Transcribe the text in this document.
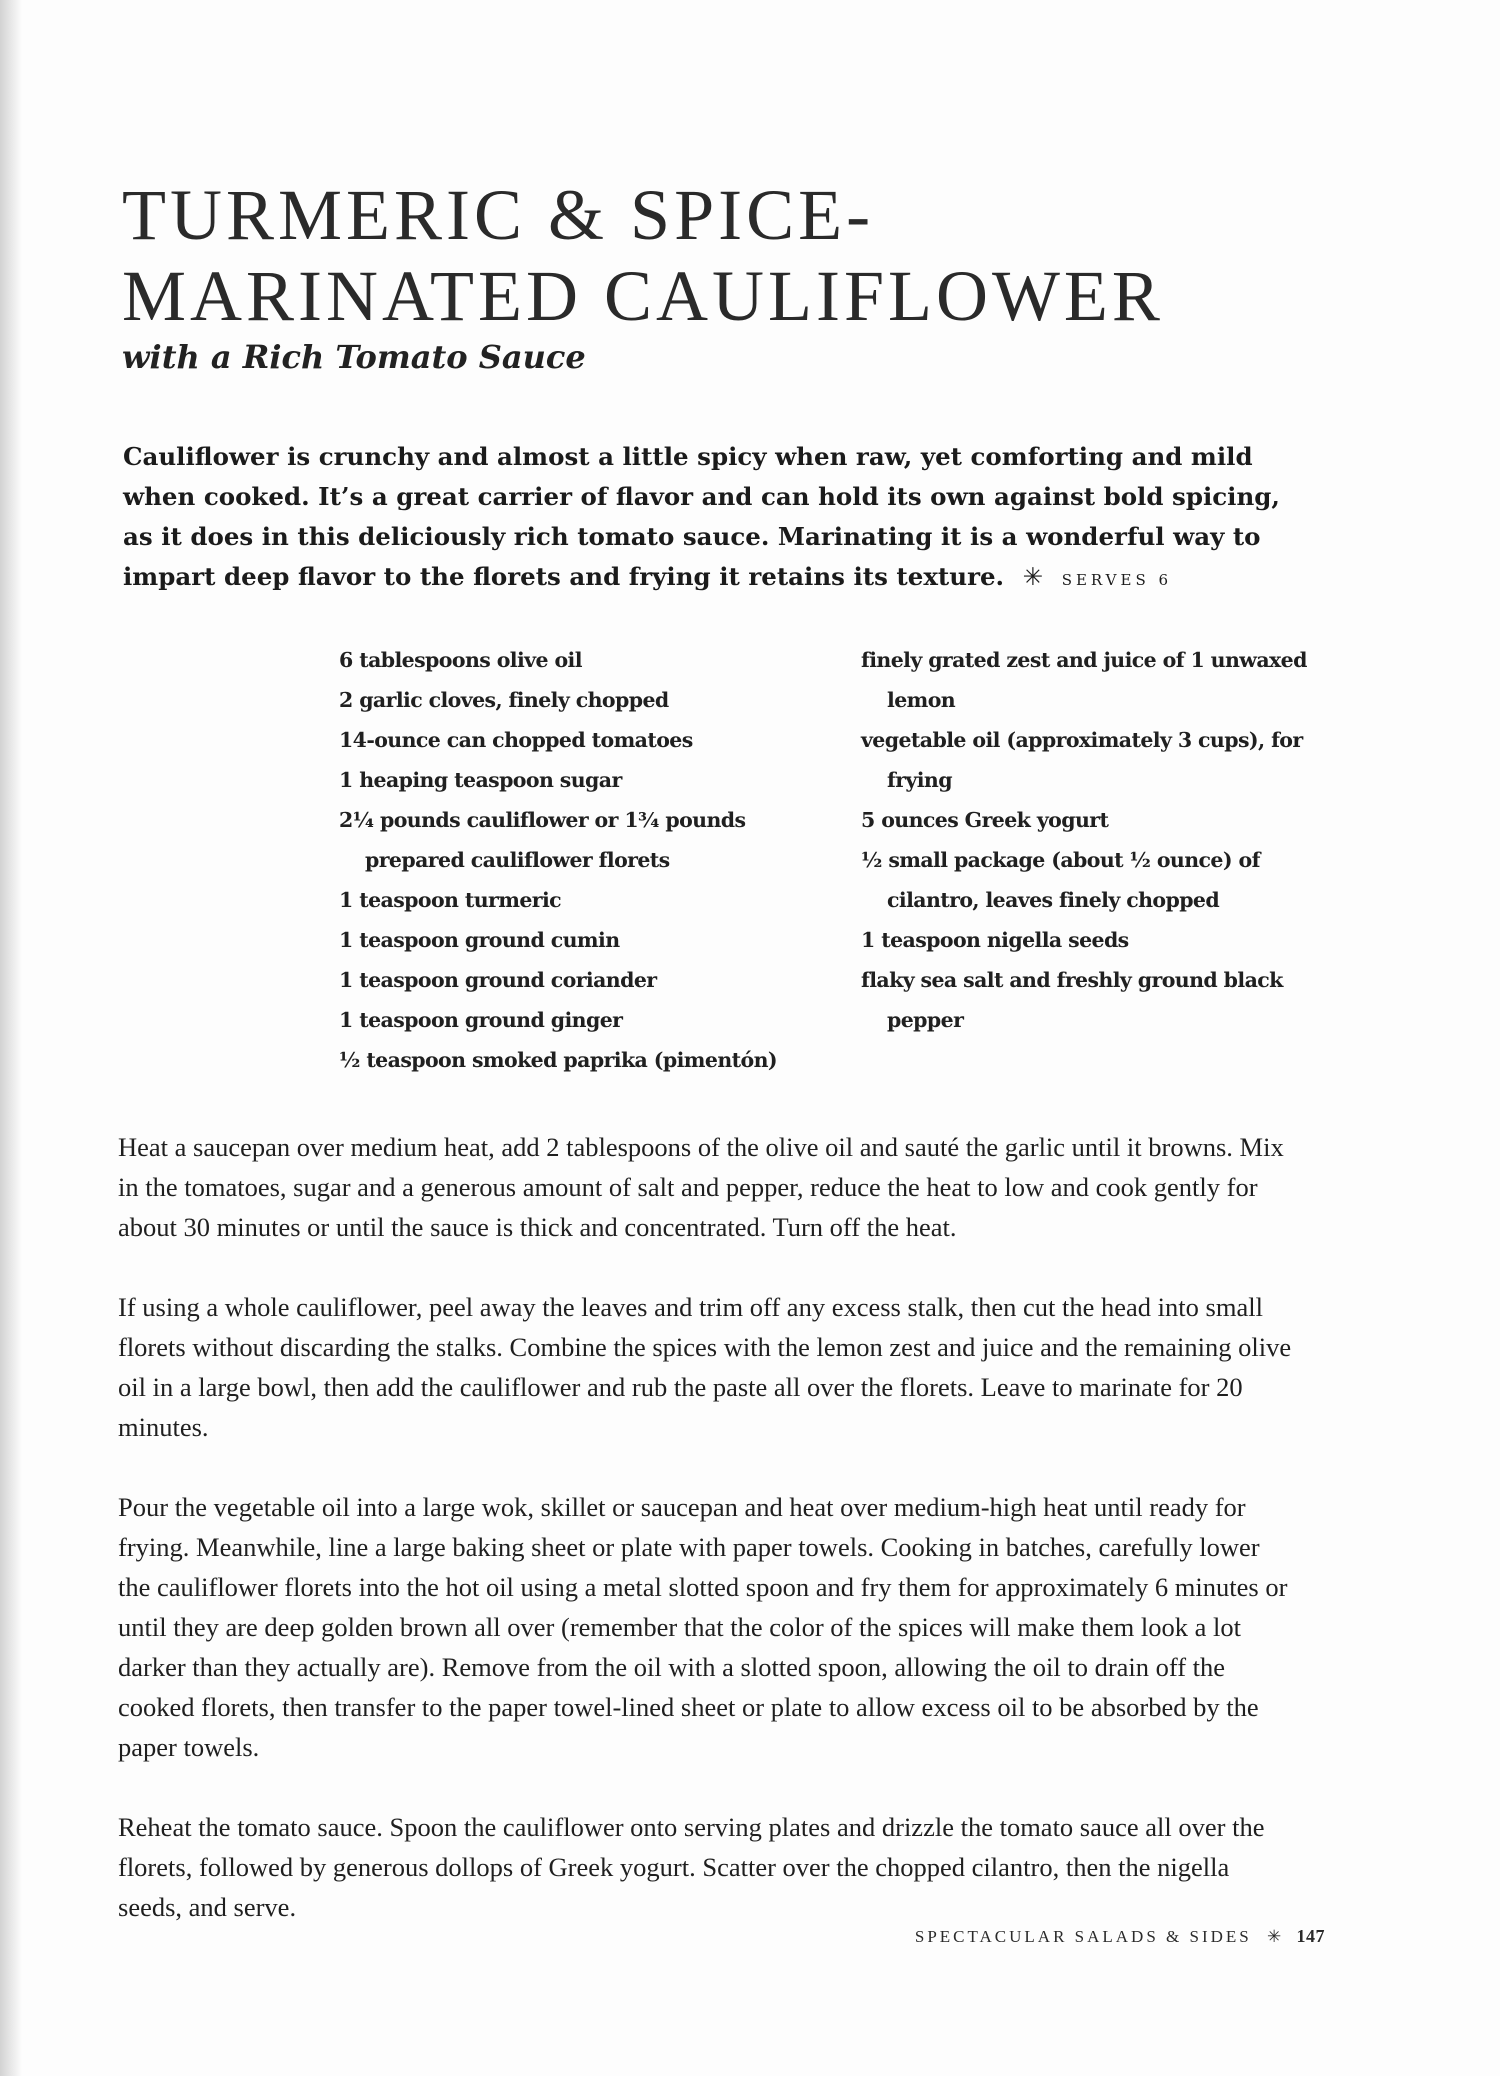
TURMERIC & SPICE-
MARINATED CAULIFLOWER
with a Rich Tomato Sauce

Cauliflower is crunchy and almost a little spicy when raw, yet comforting and mild when cooked. It’s a great carrier of flavor and can hold its own against bold spicing, as it does in this deliciously rich tomato sauce. Marinating it is a wonderful way to impart deep flavor to the florets and frying it retains its texture. ✳ SERVES 6

6 tablespoons olive oil
2 garlic cloves, finely chopped
14-ounce can chopped tomatoes
1 heaping teaspoon sugar
2¼ pounds cauliflower or 1¾ pounds prepared cauliflower florets
1 teaspoon turmeric
1 teaspoon ground cumin
1 teaspoon ground coriander
1 teaspoon ground ginger
½ teaspoon smoked paprika (pimentón)
finely grated zest and juice of 1 unwaxed lemon
vegetable oil (approximately 3 cups), for frying
5 ounces Greek yogurt
½ small package (about ½ ounce) of cilantro, leaves finely chopped
1 teaspoon nigella seeds
flaky sea salt and freshly ground black pepper

Heat a saucepan over medium heat, add 2 tablespoons of the olive oil and sauté the garlic until it browns. Mix in the tomatoes, sugar and a generous amount of salt and pepper, reduce the heat to low and cook gently for about 30 minutes or until the sauce is thick and concentrated. Turn off the heat.

If using a whole cauliflower, peel away the leaves and trim off any excess stalk, then cut the head into small florets without discarding the stalks. Combine the spices with the lemon zest and juice and the remaining olive oil in a large bowl, then add the cauliflower and rub the paste all over the florets. Leave to marinate for 20 minutes.

Pour the vegetable oil into a large wok, skillet or saucepan and heat over medium-high heat until ready for frying. Meanwhile, line a large baking sheet or plate with paper towels. Cooking in batches, carefully lower the cauliflower florets into the hot oil using a metal slotted spoon and fry them for approximately 6 minutes or until they are deep golden brown all over (remember that the color of the spices will make them look a lot darker than they actually are). Remove from the oil with a slotted spoon, allowing the oil to drain off the cooked florets, then transfer to the paper towel-lined sheet or plate to allow excess oil to be absorbed by the paper towels.

Reheat the tomato sauce. Spoon the cauliflower onto serving plates and drizzle the tomato sauce all over the florets, followed by generous dollops of Greek yogurt. Scatter over the chopped cilantro, then the nigella seeds, and serve.

SPECTACULAR SALADS & SIDES ✳ 147
